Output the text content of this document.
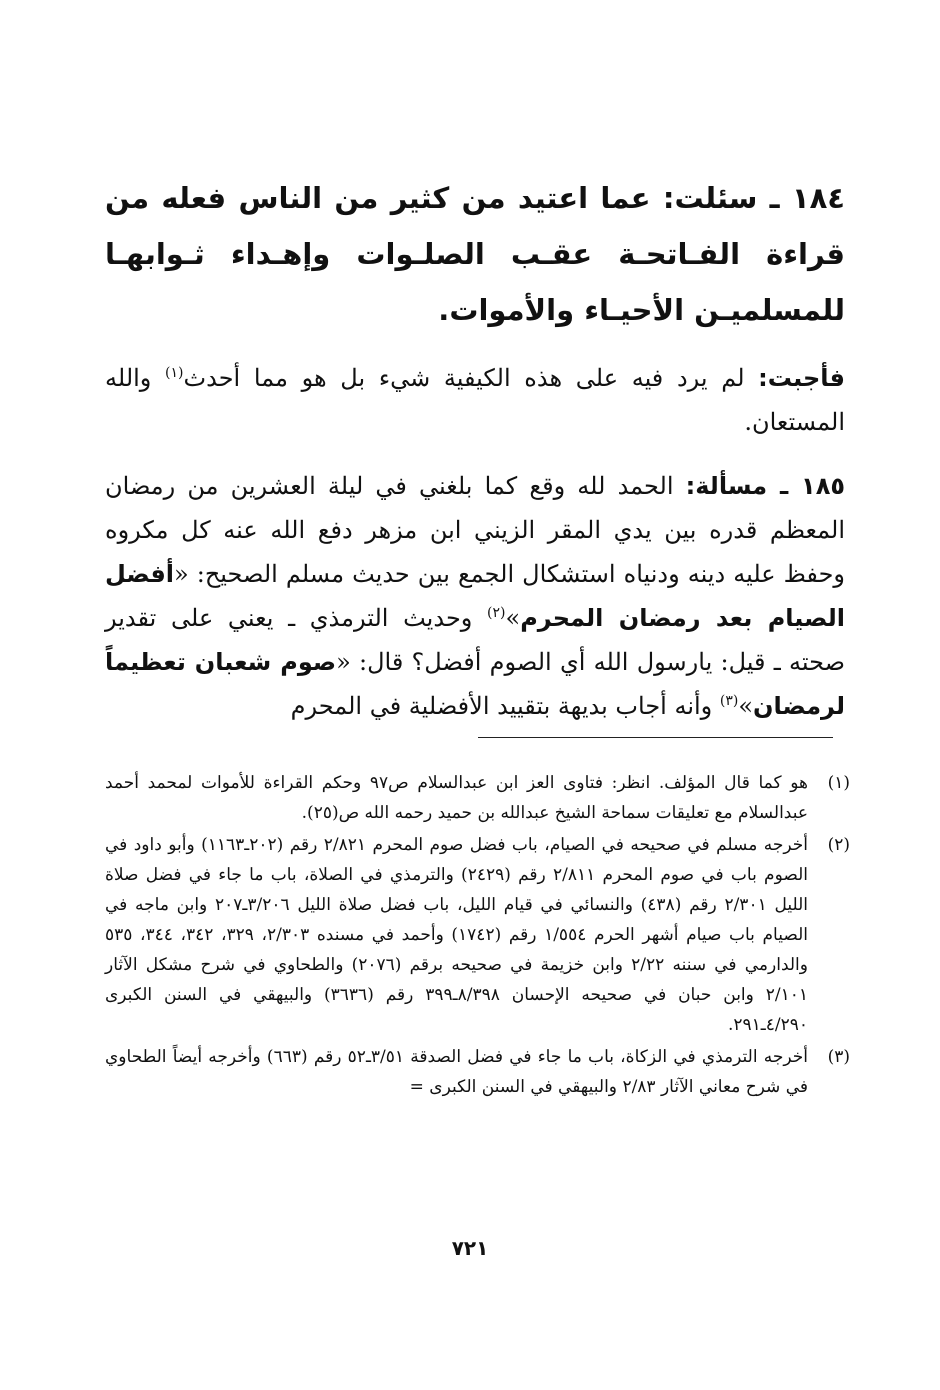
١٨٤ ـ سئلت: عما اعتيد من كثير من الناس فعله من قراءة الفـاتحـة عقـب الصلـوات وإهـداء ثـوابهـا للمسلميـن الأحيـاء والأموات.

فأجبت: لم يرد فيه على هذه الكيفية شيء بل هو مما أحدث$^{(١)}$ والله المستعان.

١٨٥ ـ مسألة: الحمد لله وقع كما بلغني في ليلة العشرين من رمضان المعظم قدره بين يدي المقر الزيني ابن مزهر دفع الله عنه كل مكروه وحفظ عليه دينه ودنياه استشكال الجمع بين حديث مسلم الصحيح: «أفضل الصيام بعد رمضان المحرم»$^{(٢)}$ وحديث الترمذي ـ يعني على تقدير صحته ـ قيل: يارسول الله أي الصوم أفضل؟ قال: «صوم شعبان تعظيماً لرمضان»$^{(٣)}$ وأنه أجاب بديهة بتقييد الأفضلية في المحرم

(١)
هو كما قال المؤلف. انظر: فتاوى العز ابن عبدالسلام ص٩٧ وحكم القراءة للأموات لمحمد أحمد عبدالسلام مع تعليقات سماحة الشيخ عبدالله بن حميد رحمه الله ص(٢٥).
(٢)
أخرجه مسلم في صحيحه في الصيام، باب فضل صوم المحرم ٢/٨٢١ رقم (٢٠٢ـ١١٦٣) وأبو داود في الصوم باب في صوم المحرم ٢/٨١١ رقم (٢٤٢٩) والترمذي في الصلاة، باب ما جاء في فضل صلاة الليل ٢/٣٠١ رقم (٤٣٨) والنسائي في قيام الليل، باب فضل صلاة الليل ٣/٢٠٦ـ٢٠٧ وابن ماجه في الصيام باب صيام أشهر الحرم ١/٥٥٤ رقم (١٧٤٢) وأحمد في مسنده ٢/٣٠٣، ٣٢٩، ٣٤٢، ٣٤٤، ٥٣٥ والدارمي في سننه ٢/٢٢ وابن خزيمة في صحيحه برقم (٢٠٧٦) والطحاوي في شرح مشكل الآثار ٢/١٠١ وابن حبان في صحيحه الإحسان ٨/٣٩٨ـ٣٩٩ رقم (٣٦٣٦) والبيهقي في السنن الكبرى ٤/٢٩٠ـ٢٩١.
(٣)
أخرجه الترمذي في الزكاة، باب ما جاء في فضل الصدقة ٣/٥١ـ٥٢ رقم (٦٦٣) وأخرجه أيضاً الطحاوي في شرح معاني الآثار ٢/٨٣ والبيهقي في السنن الكبرى =
٧٢١
